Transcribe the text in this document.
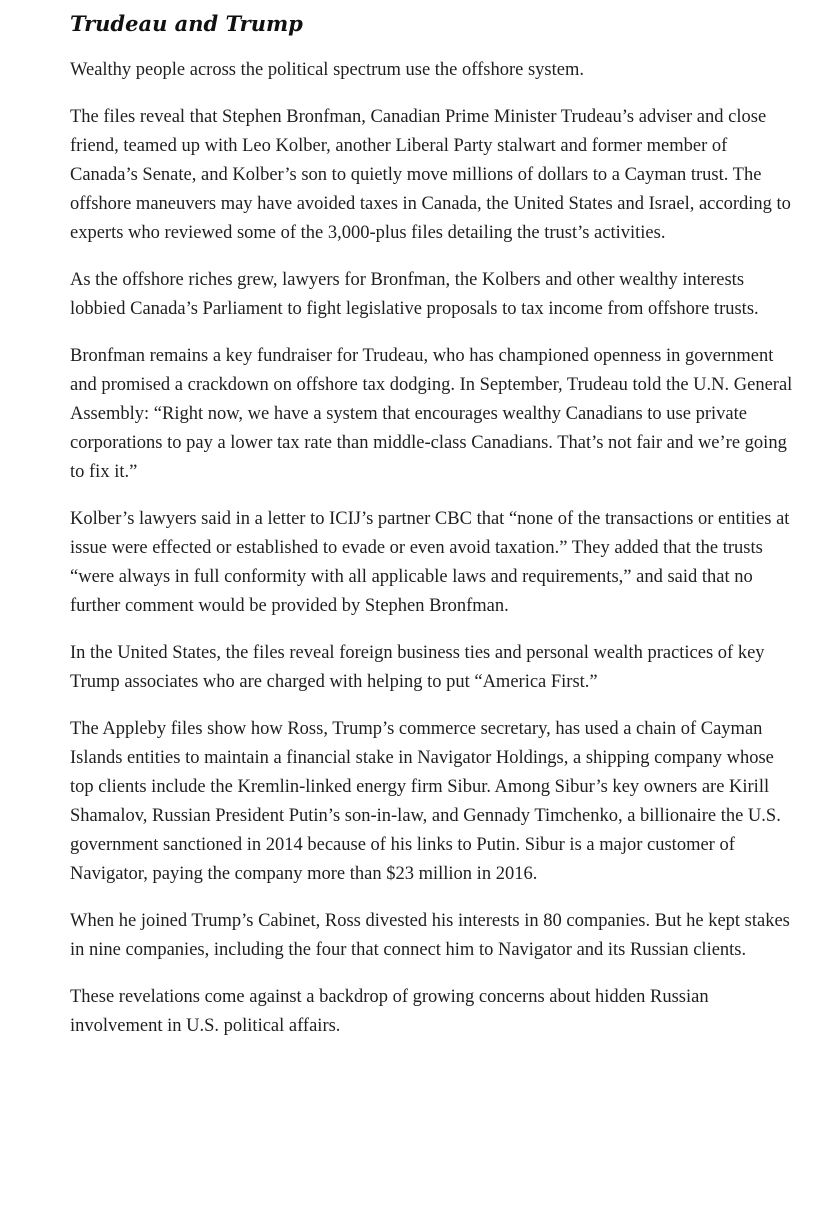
Trudeau and Trump

Wealthy people across the political spectrum use the offshore system.

The files reveal that Stephen Bronfman, Canadian Prime Minister Trudeau’s adviser and close friend, teamed up with Leo Kolber, another Liberal Party stalwart and former member of Canada’s Senate, and Kolber’s son to quietly move millions of dollars to a Cayman trust. The offshore maneuvers may have avoided taxes in Canada, the United States and Israel, according to experts who reviewed some of the 3,000-plus files detailing the trust’s activities.

As the offshore riches grew, lawyers for Bronfman, the Kolbers and other wealthy interests lobbied Canada’s Parliament to fight legislative proposals to tax income from offshore trusts.

Bronfman remains a key fundraiser for Trudeau, who has championed openness in government and promised a crackdown on offshore tax dodging. In September, Trudeau told the U.N. General Assembly: “Right now, we have a system that encourages wealthy Canadians to use private corporations to pay a lower tax rate than middle-class Canadians. That’s not fair and we’re going to fix it.”

Kolber’s lawyers said in a letter to ICIJ’s partner CBC that “none of the transactions or entities at issue were effected or established to evade or even avoid taxation.” They added that the trusts “were always in full conformity with all applicable laws and requirements,” and said that no further comment would be provided by Stephen Bronfman.

In the United States, the files reveal foreign business ties and personal wealth practices of key Trump associates who are charged with helping to put “America First.”

The Appleby files show how Ross, Trump’s commerce secretary, has used a chain of Cayman Islands entities to maintain a financial stake in Navigator Holdings, a shipping company whose top clients include the Kremlin-linked energy firm Sibur. Among Sibur’s key owners are Kirill Shamalov, Russian President Putin’s son-in-law, and Gennady Timchenko, a billionaire the U.S. government sanctioned in 2014 because of his links to Putin. Sibur is a major customer of Navigator, paying the company more than $23 million in 2016.

When he joined Trump’s Cabinet, Ross divested his interests in 80 companies. But he kept stakes in nine companies, including the four that connect him to Navigator and its Russian clients.

These revelations come against a backdrop of growing concerns about hidden Russian involvement in U.S. political affairs.
